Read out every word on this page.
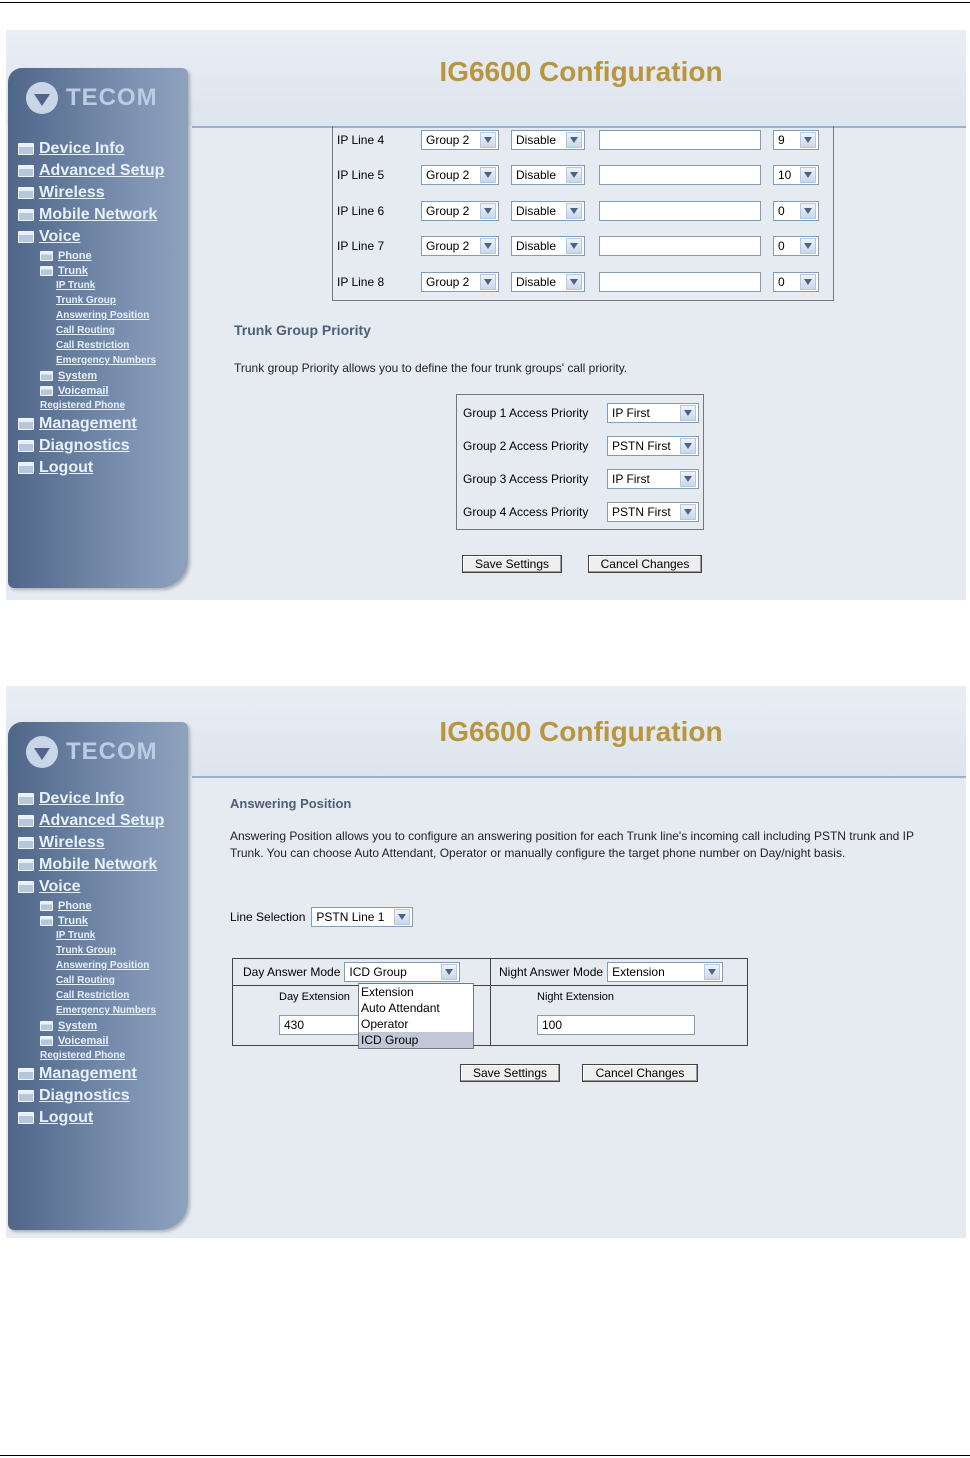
IG6600 Configuration
TECOM
Device Info
Advanced Setup
Wireless
Mobile Network
Voice
Phone
Trunk
IP Trunk
Trunk Group
Answering Position
Call Routing
Call Restriction
Emergency Numbers
System
Voicemail
Registered Phone
Management
Diagnostics
Logout
IP Line 4	Group 2	Disable	9
IP Line 5	Group 2	Disable	10
IP Line 6	Group 2	Disable	0
IP Line 7	Group 2	Disable	0
IP Line 8	Group 2	Disable	0
Trunk Group Priority
Trunk group Priority allows you to define the four trunk groups' call priority.
Group 1 Access Priority	IP First
Group 2 Access Priority	PSTN First
Group 3 Access Priority	IP First
Group 4 Access Priority	PSTN First
Save Settings	Cancel Changes
IG6600 Configuration
TECOM
Device Info
Advanced Setup
Wireless
Mobile Network
Voice
Phone
Trunk
IP Trunk
Trunk Group
Answering Position
Call Routing
Call Restriction
Emergency Numbers
System
Voicemail
Registered Phone
Management
Diagnostics
Logout
Answering Position
Answering Position allows you to configure an answering position for each Trunk line's incoming call including PSTN trunk and IP Trunk. You can choose Auto Attendant, Operator or manually configure the target phone number on Day/night basis.
Line Selection PSTN Line 1
Day Answer Mode ICD Group	Night Answer Mode Extension
Day Extension
430
Night Extension
100
Extension
Auto Attendant
Operator
ICD Group
Save Settings	Cancel Changes
